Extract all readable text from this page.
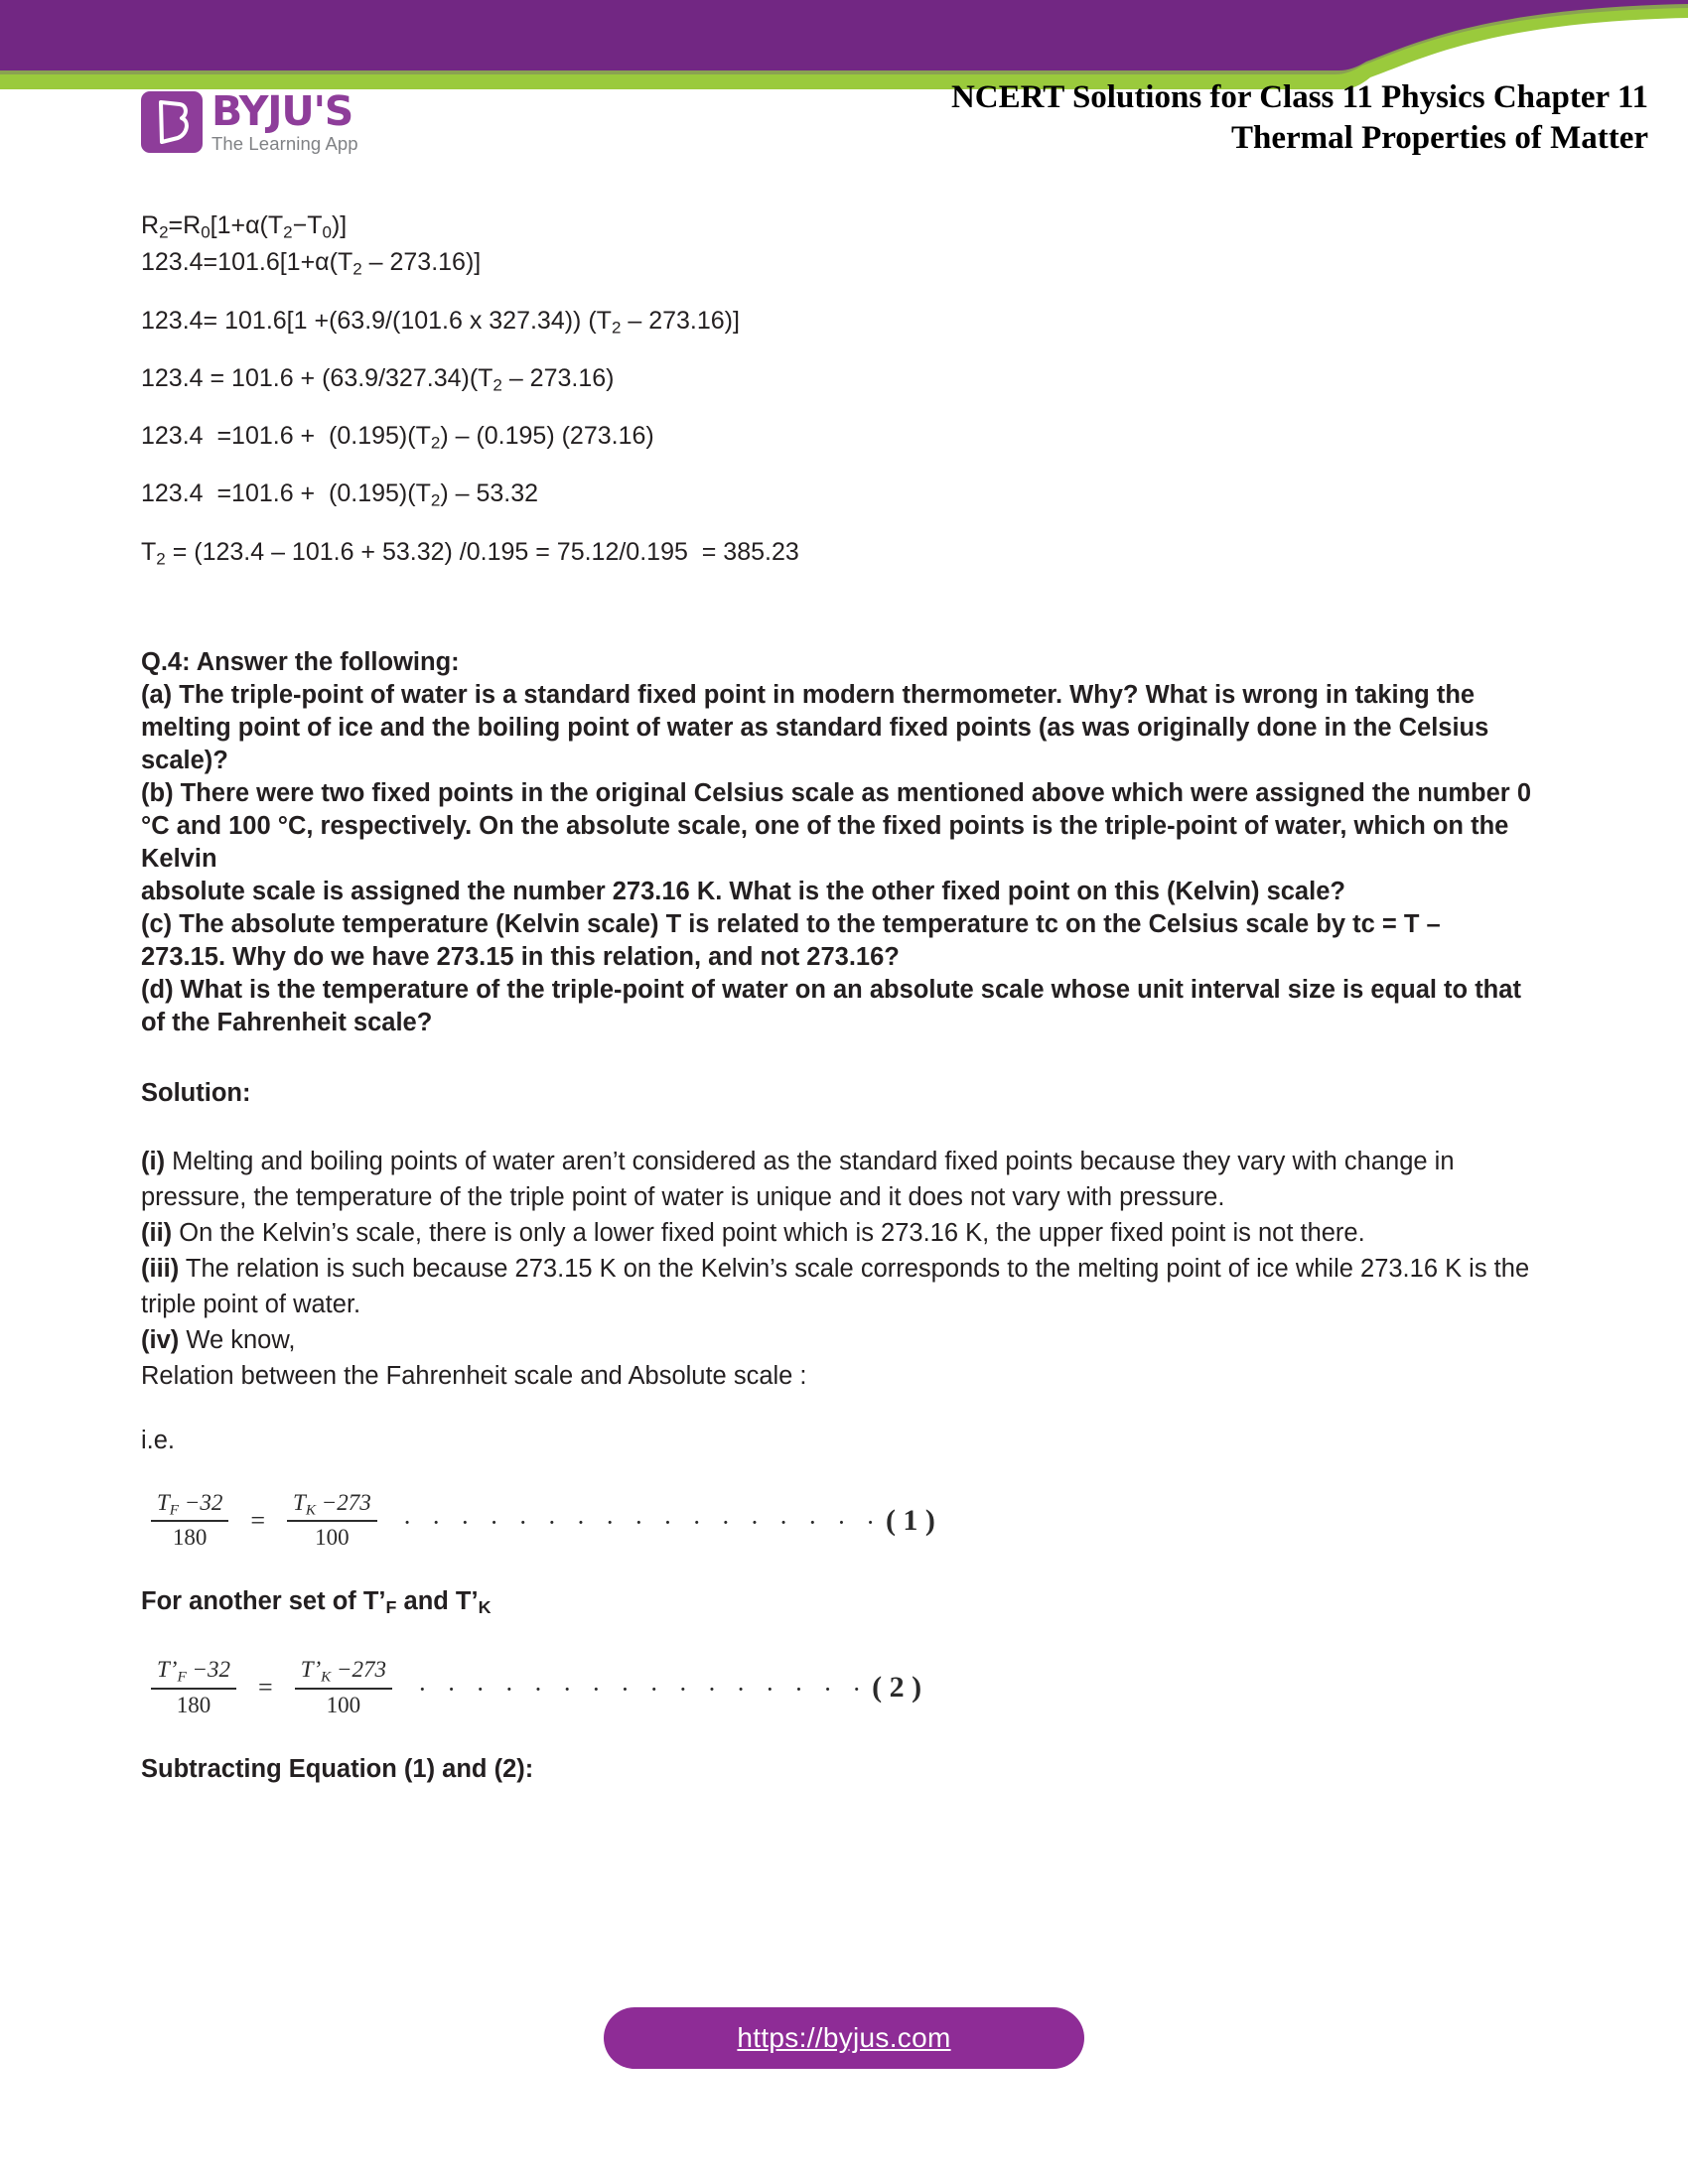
BYJU'S
The Learning App
NCERT Solutions for Class 11 Physics Chapter 11
Thermal Properties of Matter
$R_2=R_0[1+\alpha(T_2-T_0)]$
$123.4=101.6[1+\alpha(T_2 - 273.16)]$
123.4= 101.6[1 +(63.9/(101.6 x 327.34)) $(T_2 - 273.16)$]
$123.4 = 101.6 + (63.9/327.34)(T_2 - 273.16)$
$123.4 =101.6 + (0.195)(T_2) - (0.195)$ (273.16)
$123.4 =101.6 + (0.195)(T_2) - 53.32$
$T_2 = (123.4 - 101.6 + 53.32) /0.195 = 75.12/0.195 = 385.23$

Q.4: Answer the following:

(a) The triple-point of water is a standard fixed point in modern thermometer. Why? What is wrong in taking the melting point of ice and the boiling point of water as standard fixed points (as was originally done in the Celsius scale)?

(b) There were two fixed points in the original Celsius scale as mentioned above which were assigned the number 0 °C and 100 °C, respectively. On the absolute scale, one of the fixed points is the triple-point of water, which on the Kelvin

absolute scale is assigned the number 273.16 K. What is the other fixed point on this (Kelvin) scale?

(c) The absolute temperature (Kelvin scale) T is related to the temperature tc on the Celsius scale by tc = T – 273.15. Why do we have 273.15 in this relation, and not 273.16?

(d) What is the temperature of the triple-point of water on an absolute scale whose unit interval size is equal to that of the Fahrenheit scale?

Solution:

(i) Melting and boiling points of water aren’t considered as the standard fixed points because they vary with change in pressure, the temperature of the triple point of water is unique and it does not vary with pressure.

(ii) On the Kelvin’s scale, there is only a lower fixed point which is 273.16 K, the upper fixed point is not there.

(iii) The relation is such because 273.15 K on the Kelvin’s scale corresponds to the melting point of ice while 273.16 K is the triple point of water.

(iv) We know,

Relation between the Fahrenheit scale and Absolute scale :

i.e.
$\frac{T_F -32}{180} = \frac{T_K -273}{100}$ · · · · · · · · · · · · · · · · · ( 1 )
For another set of $T’_F$ and $T’_K$
$\frac{T’_F -32}{180} = \frac{T’_K -273}{100}$ · · · · · · · · · · · · · · · · ( 2 )
Subtracting Equation (1) and (2):
https://byjus.com
